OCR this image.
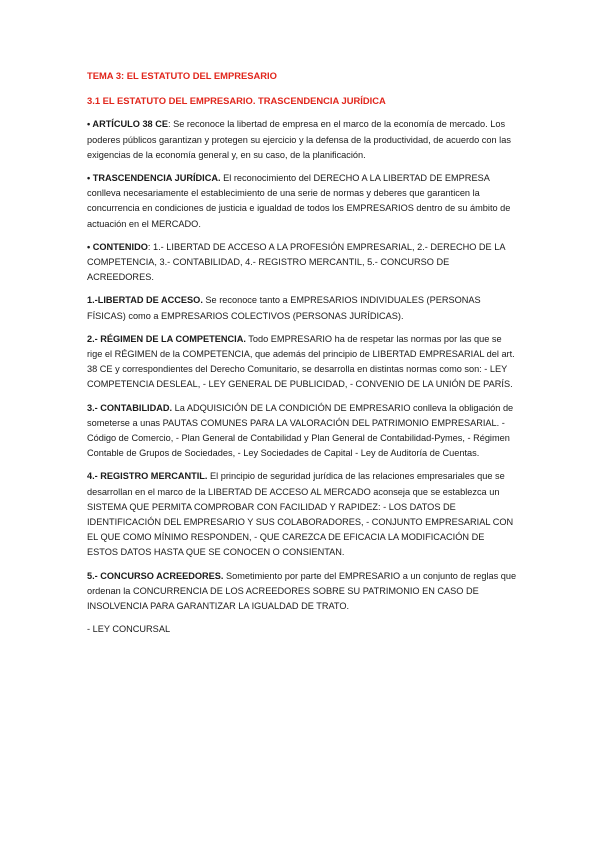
TEMA 3: EL ESTATUTO DEL EMPRESARIO
3.1 EL ESTATUTO DEL EMPRESARIO. TRASCENDENCIA JURÍDICA

• ARTÍCULO 38 CE: Se reconoce la libertad de empresa en el marco de la economía de mercado. Los poderes públicos garantizan y protegen su ejercicio y la defensa de la productividad, de acuerdo con las exigencias de la economía general y, en su caso, de la planificación.

• TRASCENDENCIA JURÍDICA. El reconocimiento del DERECHO A LA LIBERTAD DE EMPRESA conlleva necesariamente el establecimiento de una serie de normas y deberes que garanticen la concurrencia en condiciones de justicia e igualdad de todos los EMPRESARIOS dentro de su ámbito de actuación en el MERCADO.

• CONTENIDO: 1.- LIBERTAD DE ACCESO A LA PROFESIÓN EMPRESARIAL, 2.- DERECHO DE LA COMPETENCIA, 3.- CONTABILIDAD, 4.- REGISTRO MERCANTIL, 5.- CONCURSO DE ACREEDORES.

1.-LIBERTAD DE ACCESO. Se reconoce tanto a EMPRESARIOS INDIVIDUALES (PERSONAS FÍSICAS) como a EMPRESARIOS COLECTIVOS (PERSONAS JURÍDICAS).

2.- RÉGIMEN DE LA COMPETENCIA. Todo EMPRESARIO ha de respetar las normas por las que se rige el RÉGIMEN de la COMPETENCIA, que además del principio de LIBERTAD EMPRESARIAL del art. 38 CE y correspondientes del Derecho Comunitario, se desarrolla en distintas normas como son: - LEY COMPETENCIA DESLEAL, - LEY GENERAL DE PUBLICIDAD, - CONVENIO DE LA UNIÓN DE PARÍS.

3.- CONTABILIDAD. La ADQUISICIÓN DE LA CONDICIÓN DE EMPRESARIO conlleva la obligación de someterse a unas PAUTAS COMUNES PARA LA VALORACIÓN DEL PATRIMONIO EMPRESARIAL. - Código de Comercio, - Plan General de Contabilidad y Plan General de Contabilidad-Pymes, - Régimen Contable de Grupos de Sociedades, - Ley Sociedades de Capital - Ley de Auditoría de Cuentas.

4.- REGISTRO MERCANTIL. El principio de seguridad jurídica de las relaciones empresariales que se desarrollan en el marco de la LIBERTAD DE ACCESO AL MERCADO aconseja que se establezca un SISTEMA QUE PERMITA COMPROBAR CON FACILIDAD Y RAPIDEZ: - LOS DATOS DE IDENTIFICACIÓN DEL EMPRESARIO Y SUS COLABORADORES, - CONJUNTO EMPRESARIAL CON EL QUE COMO MÍNIMO RESPONDEN, - QUE CAREZCA DE EFICACIA LA MODIFICACIÓN DE ESTOS DATOS HASTA QUE SE CONOCEN O CONSIENTAN.

5.- CONCURSO ACREEDORES. Sometimiento por parte del EMPRESARIO a un conjunto de reglas que ordenan la CONCURRENCIA DE LOS ACREEDORES SOBRE SU PATRIMONIO EN CASO DE INSOLVENCIA PARA GARANTIZAR LA IGUALDAD DE TRATO.

- LEY CONCURSAL
